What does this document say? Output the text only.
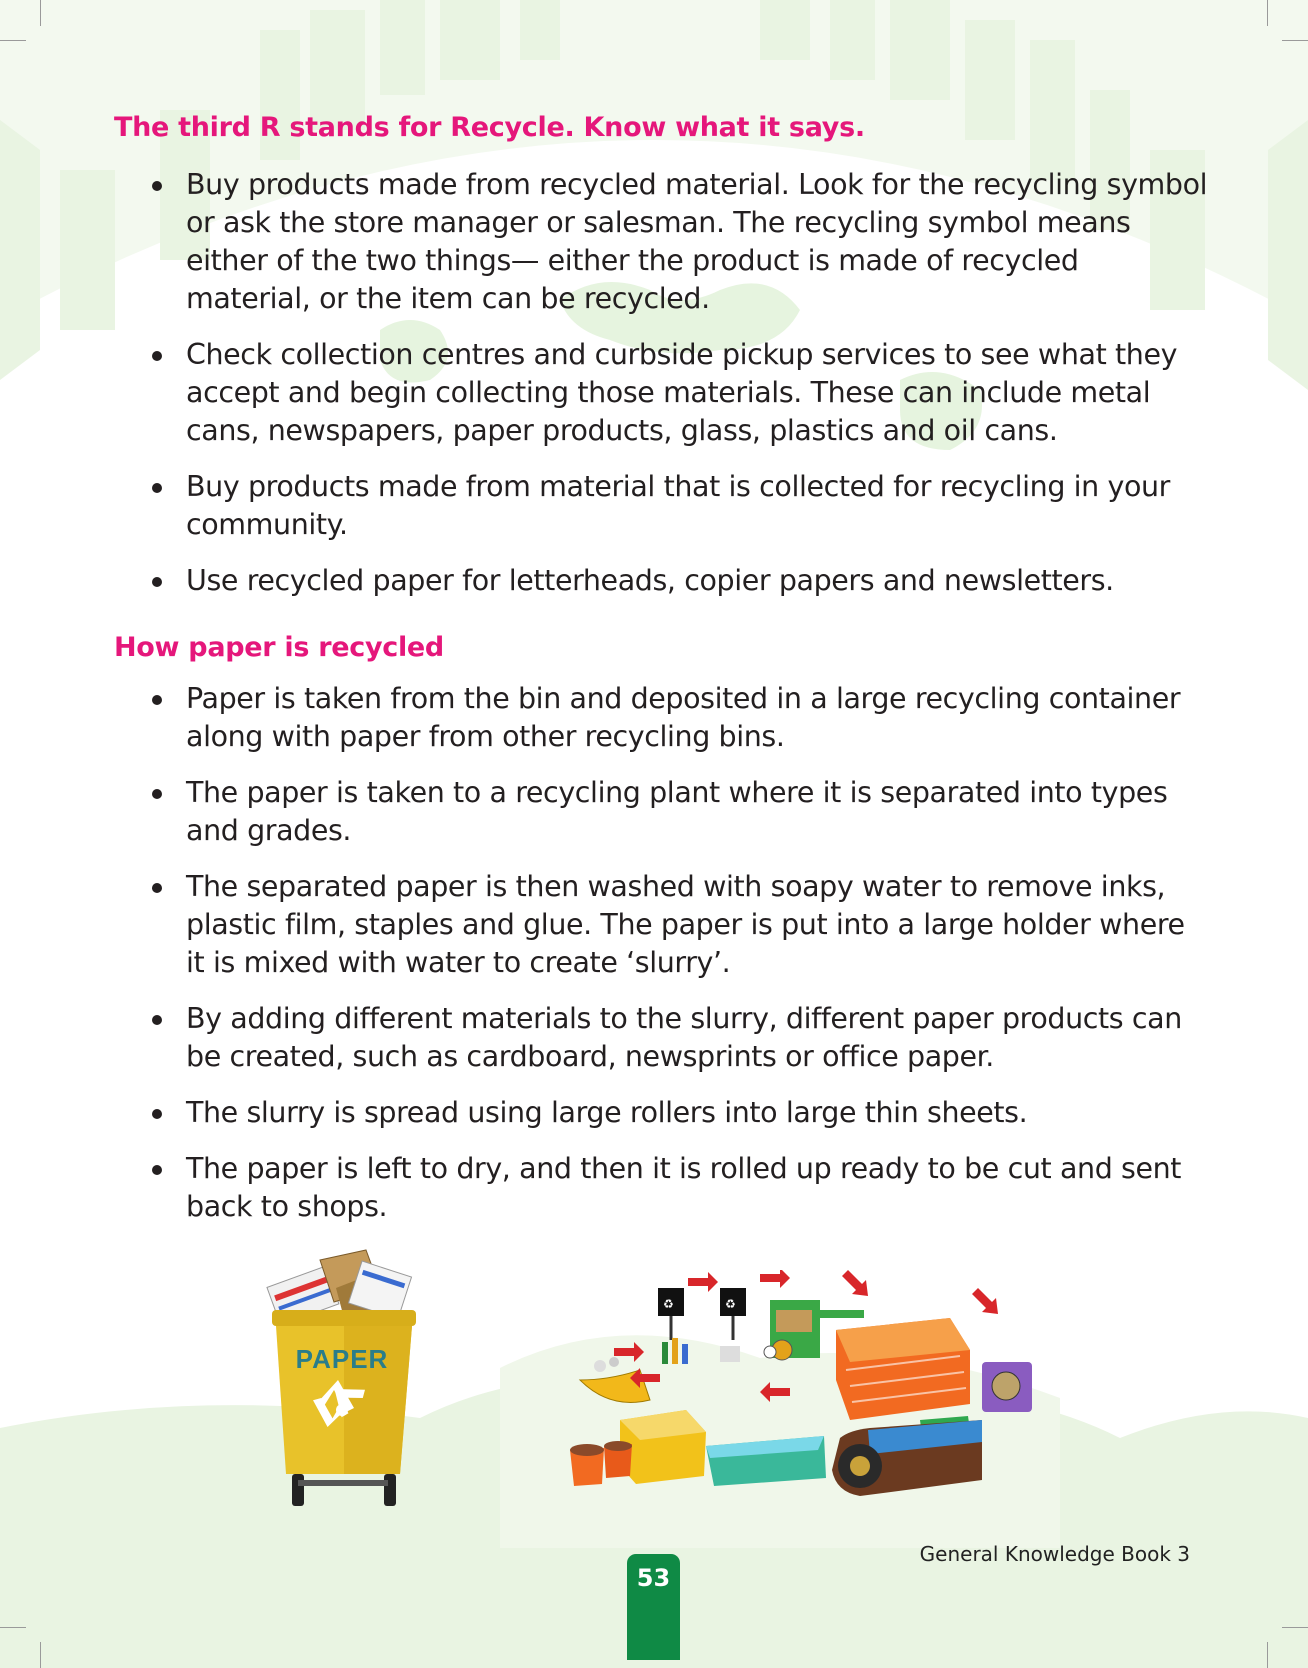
The third R stands for Recycle. Know what it says.
Buy products made from recycled material. Look for the recycling symbol or ask the store manager or salesman. The recycling symbol means either of the two things— either the product is made of recycled material, or the item can be recycled.
Check collection centres and curbside pickup services to see what they accept and begin collecting those materials. These can include metal cans, newspapers, paper products, glass, plastics and oil cans.
Buy products made from material that is collected for recycling in your community.
Use recycled paper for letterheads, copier papers and newsletters.
How paper is recycled
Paper is taken from the bin and deposited in a large recycling container along with paper from other recycling bins.
The paper is taken to a recycling plant where it is separated into types and grades.
The separated paper is then washed with soapy water to remove inks, plastic film, staples and glue. The paper is put into a large holder where it is mixed with water to create ‘slurry’.
By adding different materials to the slurry, different paper products can be created, such as cardboard, newsprints or office paper.
The slurry is spread using large rollers into large thin sheets.
The paper is left to dry, and then it is rolled up ready to be cut and sent back to shops.
PAPER
♻	♻
General Knowledge Book 3
53
